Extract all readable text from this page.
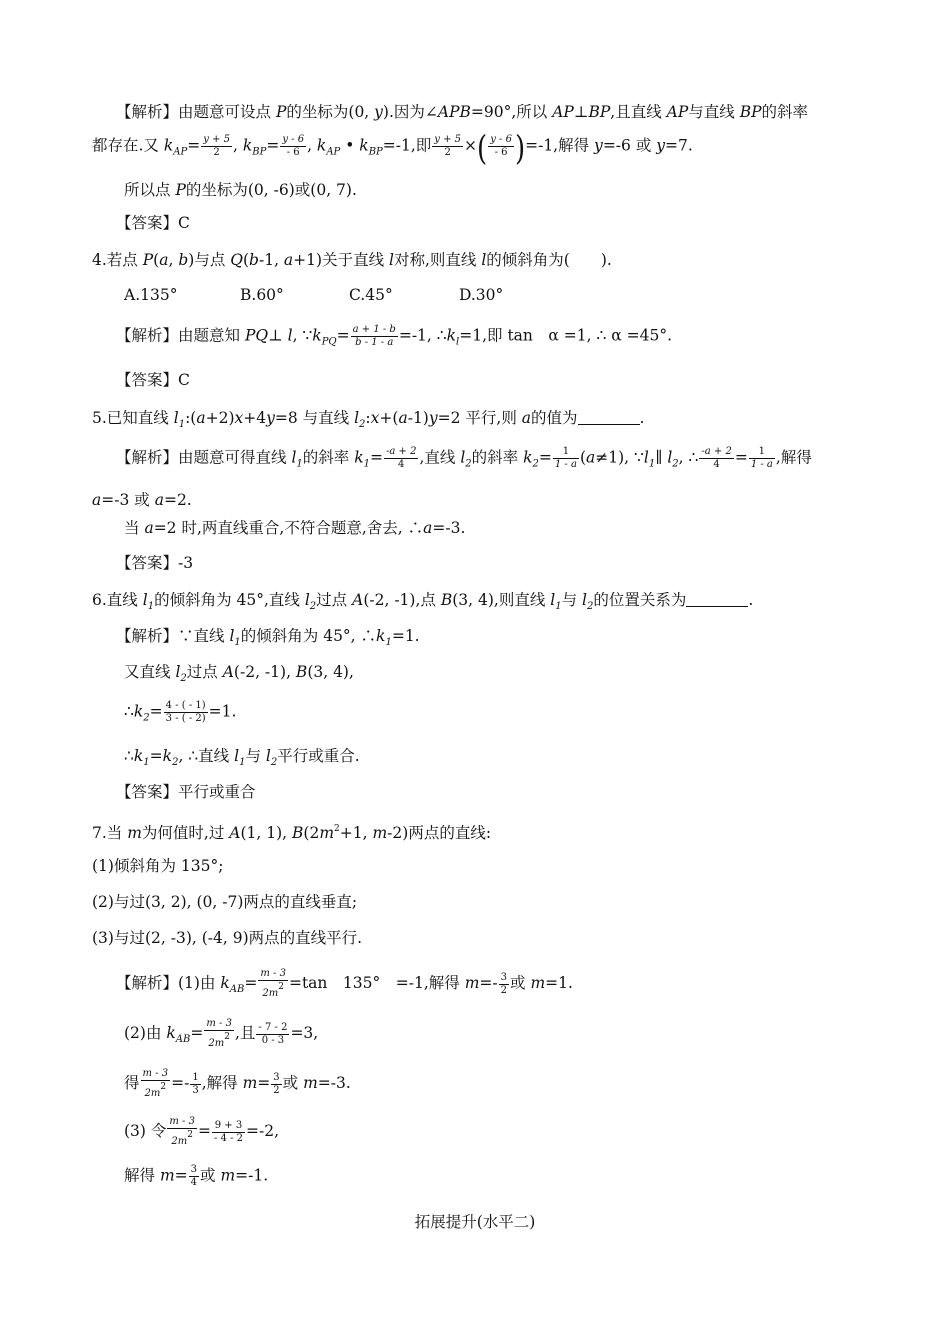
【解析】由题意可设点 P的坐标为(0, y).因为∠APB=90°,所以 AP⊥BP,且直线 AP与直线 BP的斜率
都存在.又 $k_{AP}= \frac{y + 5}{2}$ , $k_{BP}= \frac{y - 6}{- 6}$ , $k_{AP}$ • $k_{BP}=-1$,即 $\frac{y + 5}{2}$ ×( $\frac{y - 6}{- 6} )=-1$,解得 y=-6 或 y=7.
所以点 P的坐标为(0, -6)或(0, 7).
【答案】C
4.若点 P(a, b)与点 Q(b-1, a+1)关于直线 l对称,则直线 l的倾斜角为(　　).
A.135°	B.60°	C.45°	D.30°
【解析】由题意知 PQ⊥ l, $\because k_{PQ}= \frac{a + 1 - b}{b - 1 - a} =-1$, $\therefore k_l=1$,即 tan　α =1, ∴ α =45°.
【答案】C
5.已知直线 $l_1:(a+2)x+4y=8$ 与直线 $l_2:x+(a-1)y=2$ 平行,则 a的值为	.
【解析】由题意可得直线 $l_1$的斜率 $k_1= \frac{-a + 2}{4}$ ,直线 $l_2$的斜率 $k_2= \frac{1}{1 - a} (a\ne 1)$, $\because l_1\parallel$ $l_2$, ∴ $\frac{-a + 2}{4} = \frac{1}{1 - a}$ ,解得
a=-3 或 a=2.
当 a=2 时,两直线重合,不符合题意,舍去, ∴a=-3.
【答案】-3
6.直线 $l_1$的倾斜角为 45°,直线 $l_2$过点 A(-2, -1),点 B(3, 4),则直线 $l_1$与 $l_2$的位置关系为	.
【解析】∵直线 $l_1$的倾斜角为 45°, $\therefore k_1=1$.
又直线 $l_2$过点 A(-2, -1), B(3, 4),
$\therefore k_2= \frac{4 - ( - 1)}{3 - ( - 2)} =1$.
$\therefore k_1=k_2$, ∴直线 $l_1$与 $l_2$平行或重合.
【答案】平行或重合
7.当 m为何值时,过 A(1, 1), $B(2m^2+1$, m-2)两点的直线:
(1)倾斜角为 135°;
(2)与过(3, 2), (0, -7)两点的直线垂直;
(3)与过(2, -3), (-4, 9)两点的直线平行.
【解析】(1)由 $k_{AB}= \frac{m - 3}{2m2} =\tan$　135°　=-1,解得 $m=- \frac{3}{2}$ 或 m=1.
(2)由 $k_{AB}= \frac{m - 3}{2m2}$ ,且 $\frac{- 7 - 2}{0 - 3} =3$,
得 $\frac{m - 3}{2m2} =- \frac{1}{3}$ ,解得 $m= \frac{3}{2}$ 或 m=-3.
(3) 令 $\frac{m - 3}{2m2} = \frac{9 + 3}{- 4 - 2} =-2$,
解得 $m= \frac{3}{4}$ 或 m=-1.
拓展提升(水平二)
